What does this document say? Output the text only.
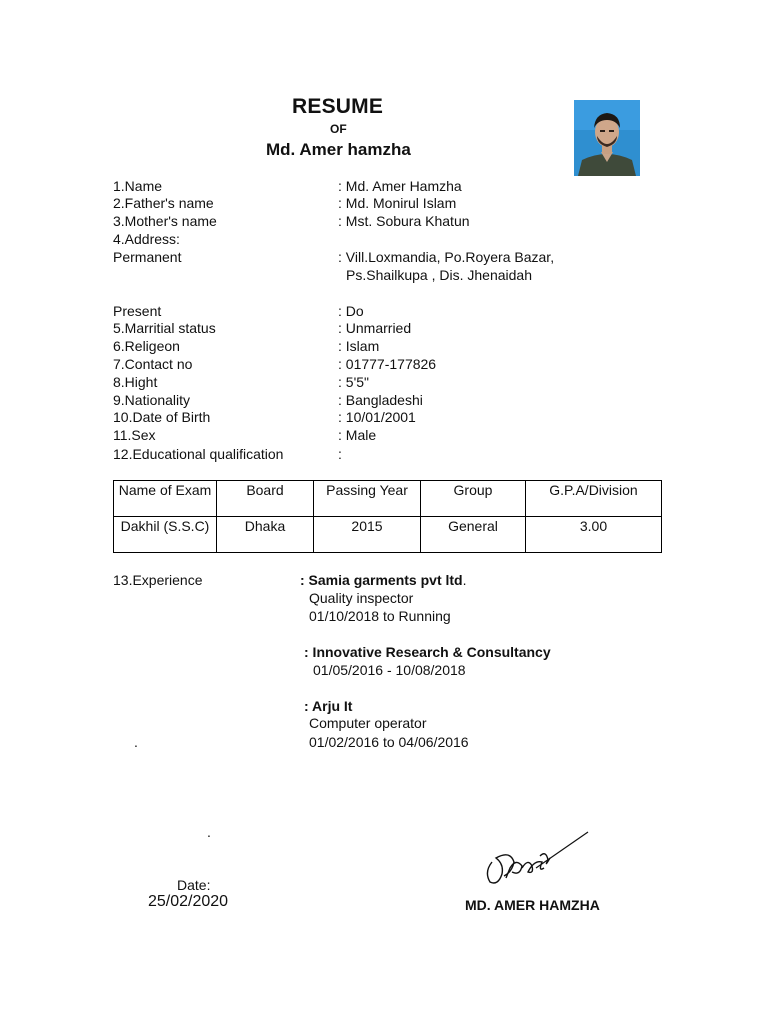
RESUME
OF
Md. Amer hamzha
1.Name	: Md. Amer Hamzha
2.Father's name	: Md. Monirul Islam
3.Mother's name	: Mst. Sobura Khatun
4.Address:
Permanent	: Vill.Loxmandia, Po.Royera Bazar,
Ps.Shailkupa , Dis. Jhenaidah
Present	: Do
5.Marritial status	: Unmarried
6.Religeon	: Islam
7.Contact no	: 01777-177826
8.Hight	: 5'5"
9.Nationality	: Bangladeshi
10.Date of Birth	: 10/01/2001
11.Sex	: Male
12.Educational qualification	:
Name of Exam	Board	Passing Year	Group	G.P.A/Division
Dakhil (S.S.C)	Dhaka	2015	General	3.00
13.Experience	: Samia garments pvt ltd.
Quality inspector
01/10/2018 to Running
: Innovative Research & Consultancy
01/05/2016 - 10/08/2018
: Arju It
Computer operator
01/02/2016 to 04/06/2016
.
.
Date:
25/02/2020	MD. AMER HAMZHA
